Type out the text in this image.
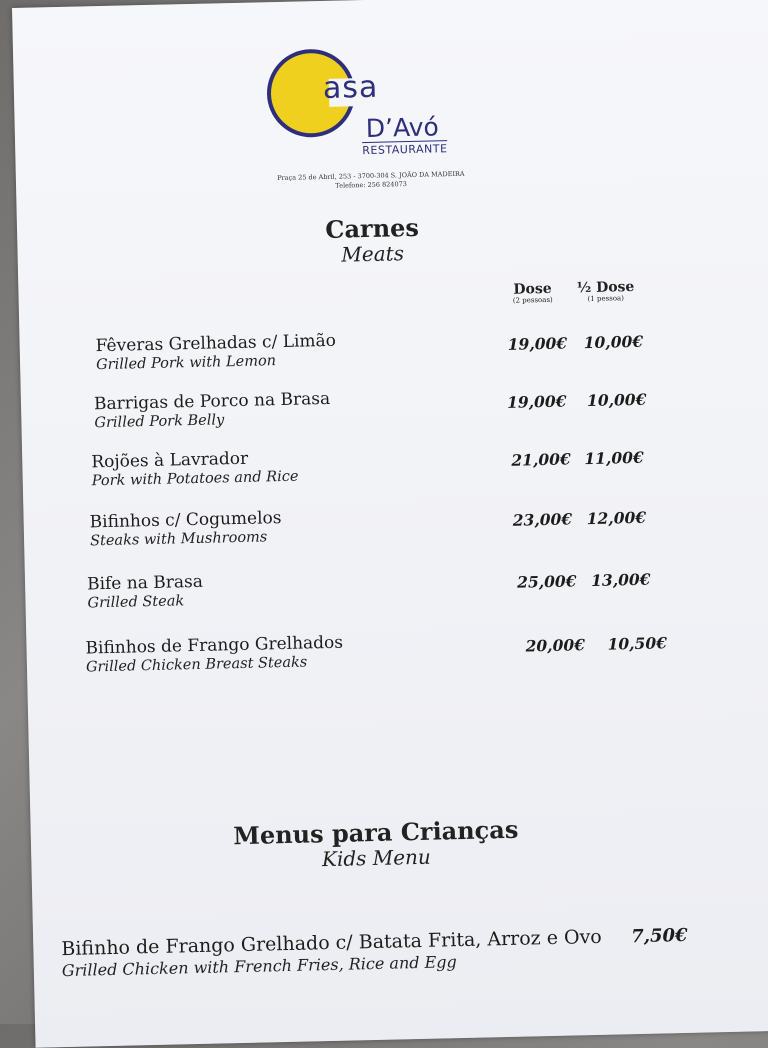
asa
D’Avó
RESTAURANTE
Praça 25 de Abril, 253 - 3700-304 S. JOÃO DA MADEIRA
Telefone: 256 824073
Carnes
Meats
Dose
(2 pessoas)
½ Dose
(1 pessoa)
Fêveras Grelhadas c/ Limão
Grilled Pork with Lemon
19,00€ 10,00€
Barrigas de Porco na Brasa
Grilled Pork Belly
19,00€ 10,00€
Rojões à Lavrador
Pork with Potatoes and Rice
21,00€ 11,00€
Bifinhos c/ Cogumelos
Steaks with Mushrooms
23,00€ 12,00€
Bife na Brasa
Grilled Steak
25,00€ 13,00€
Bifinhos de Frango Grelhados
Grilled Chicken Breast Steaks
20,00€ 10,50€
Menus para Crianças
Kids Menu
Bifinho de Frango Grelhado c/ Batata Frita, Arroz e Ovo
Grilled Chicken with French Fries, Rice and Egg
7,50€
